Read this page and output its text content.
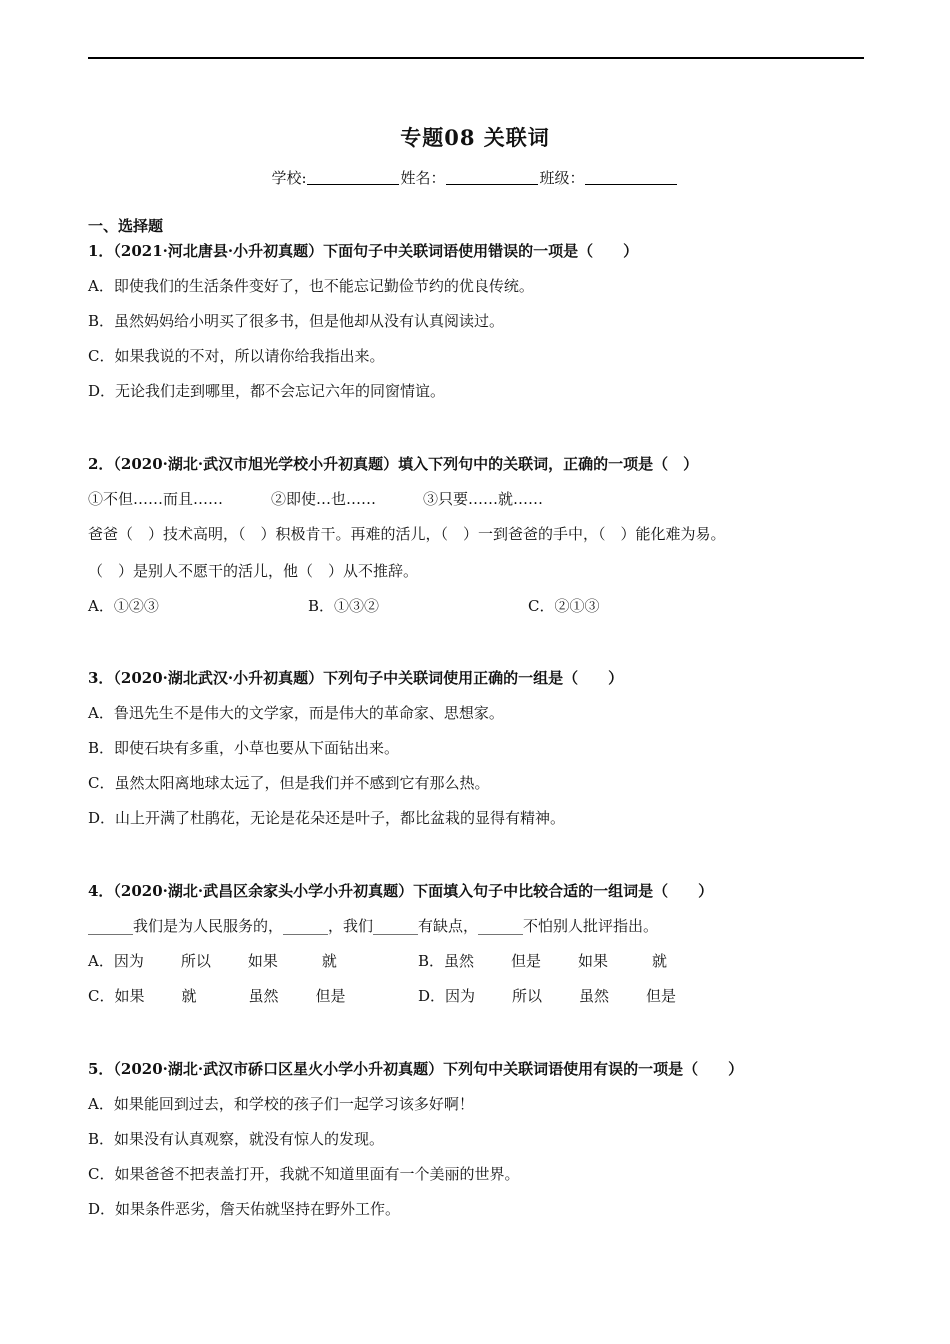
专题08 关联词
学校:	姓名：	班级：
一、选择题
1．（2021·河北唐县·小升初真题）下面句子中关联词语使用错误的一项是（　　）
A．即使我们的生活条件变好了，也不能忘记勤俭节约的优良传统。
B．虽然妈妈给小明买了很多书，但是他却从没有认真阅读过。
C．如果我说的不对，所以请你给我指出来。
D．无论我们走到哪里，都不会忘记六年的同窗情谊。
2．（2020·湖北·武汉市旭光学校小升初真题）填入下列句中的关联词，正确的一项是（　）
①不但……而且……	②即使…也……	③只要……就……
爸爸（　）技术高明，（　）积极肯干。再难的活儿，（　）一到爸爸的手中，（　）能化难为易。
（　）是别人不愿干的活儿，他（　）从不推辞。
A．①②③	B．①③②	C．②①③
3．（2020·湖北武汉·小升初真题）下列句子中关联词使用正确的一组是（　　）
A．鲁迅先生不是伟大的文学家，而是伟大的革命家、思想家。
B．即使石块有多重，小草也要从下面钻出来。
C．虽然太阳离地球太远了，但是我们并不感到它有那么热。
D．山上开满了杜鹃花，无论是花朵还是叶子，都比盆栽的显得有精神。
4．（2020·湖北·武昌区余家头小学小升初真题）下面填入句子中比较合适的一组词是（　　）
______我们是为人民服务的，______，我们______有缺点，______不怕别人批评指出。
A．因为 所以 如果	就	B．虽然 但是 如果	就
C．如果 就	虽然 但是	D．因为 所以 虽然 但是
5．（2020·湖北·武汉市硚口区星火小学小升初真题）下列句中关联词语使用有误的一项是（　　）
A．如果能回到过去，和学校的孩子们一起学习该多好啊！
B．如果没有认真观察，就没有惊人的发现。
C．如果爸爸不把表盖打开，我就不知道里面有一个美丽的世界。
D．如果条件恶劣，詹天佑就坚持在野外工作。
